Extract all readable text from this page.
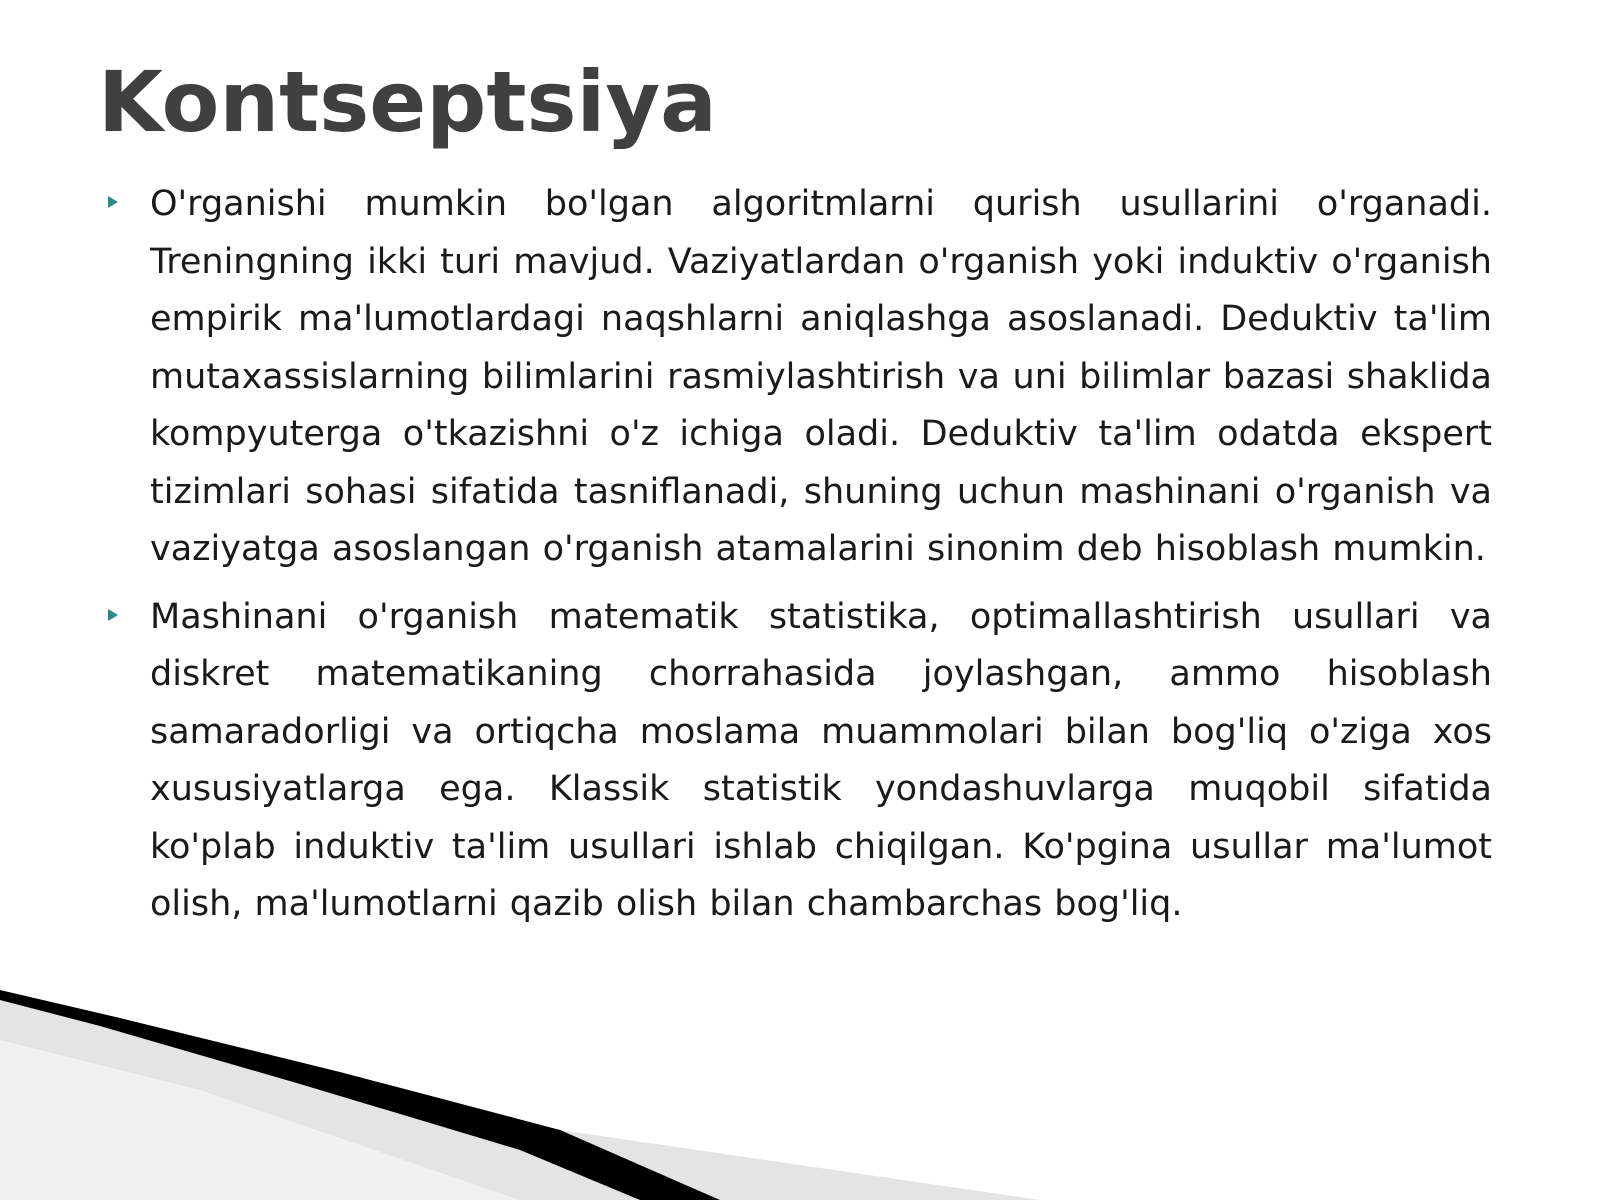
Kontseptsiya
O'rganishi mumkin bo'lgan algoritmlarni qurish usullarini o'rganadi. Treningning ikki turi mavjud. Vaziyatlardan o'rganish yoki induktiv o'rganish empirik ma'lumotlardagi naqshlarni aniqlashga asoslanadi. Deduktiv ta'lim mutaxassislarning bilimlarini rasmiylashtirish va uni bilimlar bazasi shaklida kompyuterga o'tkazishni o'z ichiga oladi. Deduktiv ta'lim odatda ekspert tizimlari sohasi sifatida tasniflanadi, shuning uchun mashinani o'rganish va vaziyatga asoslangan o'rganish atamalarini sinonim deb hisoblash mumkin.
Mashinani o'rganish matematik statistika, optimallashtirish usullari va diskret matematikaning chorrahasida joylashgan, ammo hisoblash samaradorligi va ortiqcha moslama muammolari bilan bog'liq o'ziga xos xususiyatlarga ega. Klassik statistik yondashuvlarga muqobil sifatida ko'plab induktiv ta'lim usullari ishlab chiqilgan. Ko'pgina usullar ma'lumot olish, ma'lumotlarni qazib olish bilan chambarchas bog'liq.
